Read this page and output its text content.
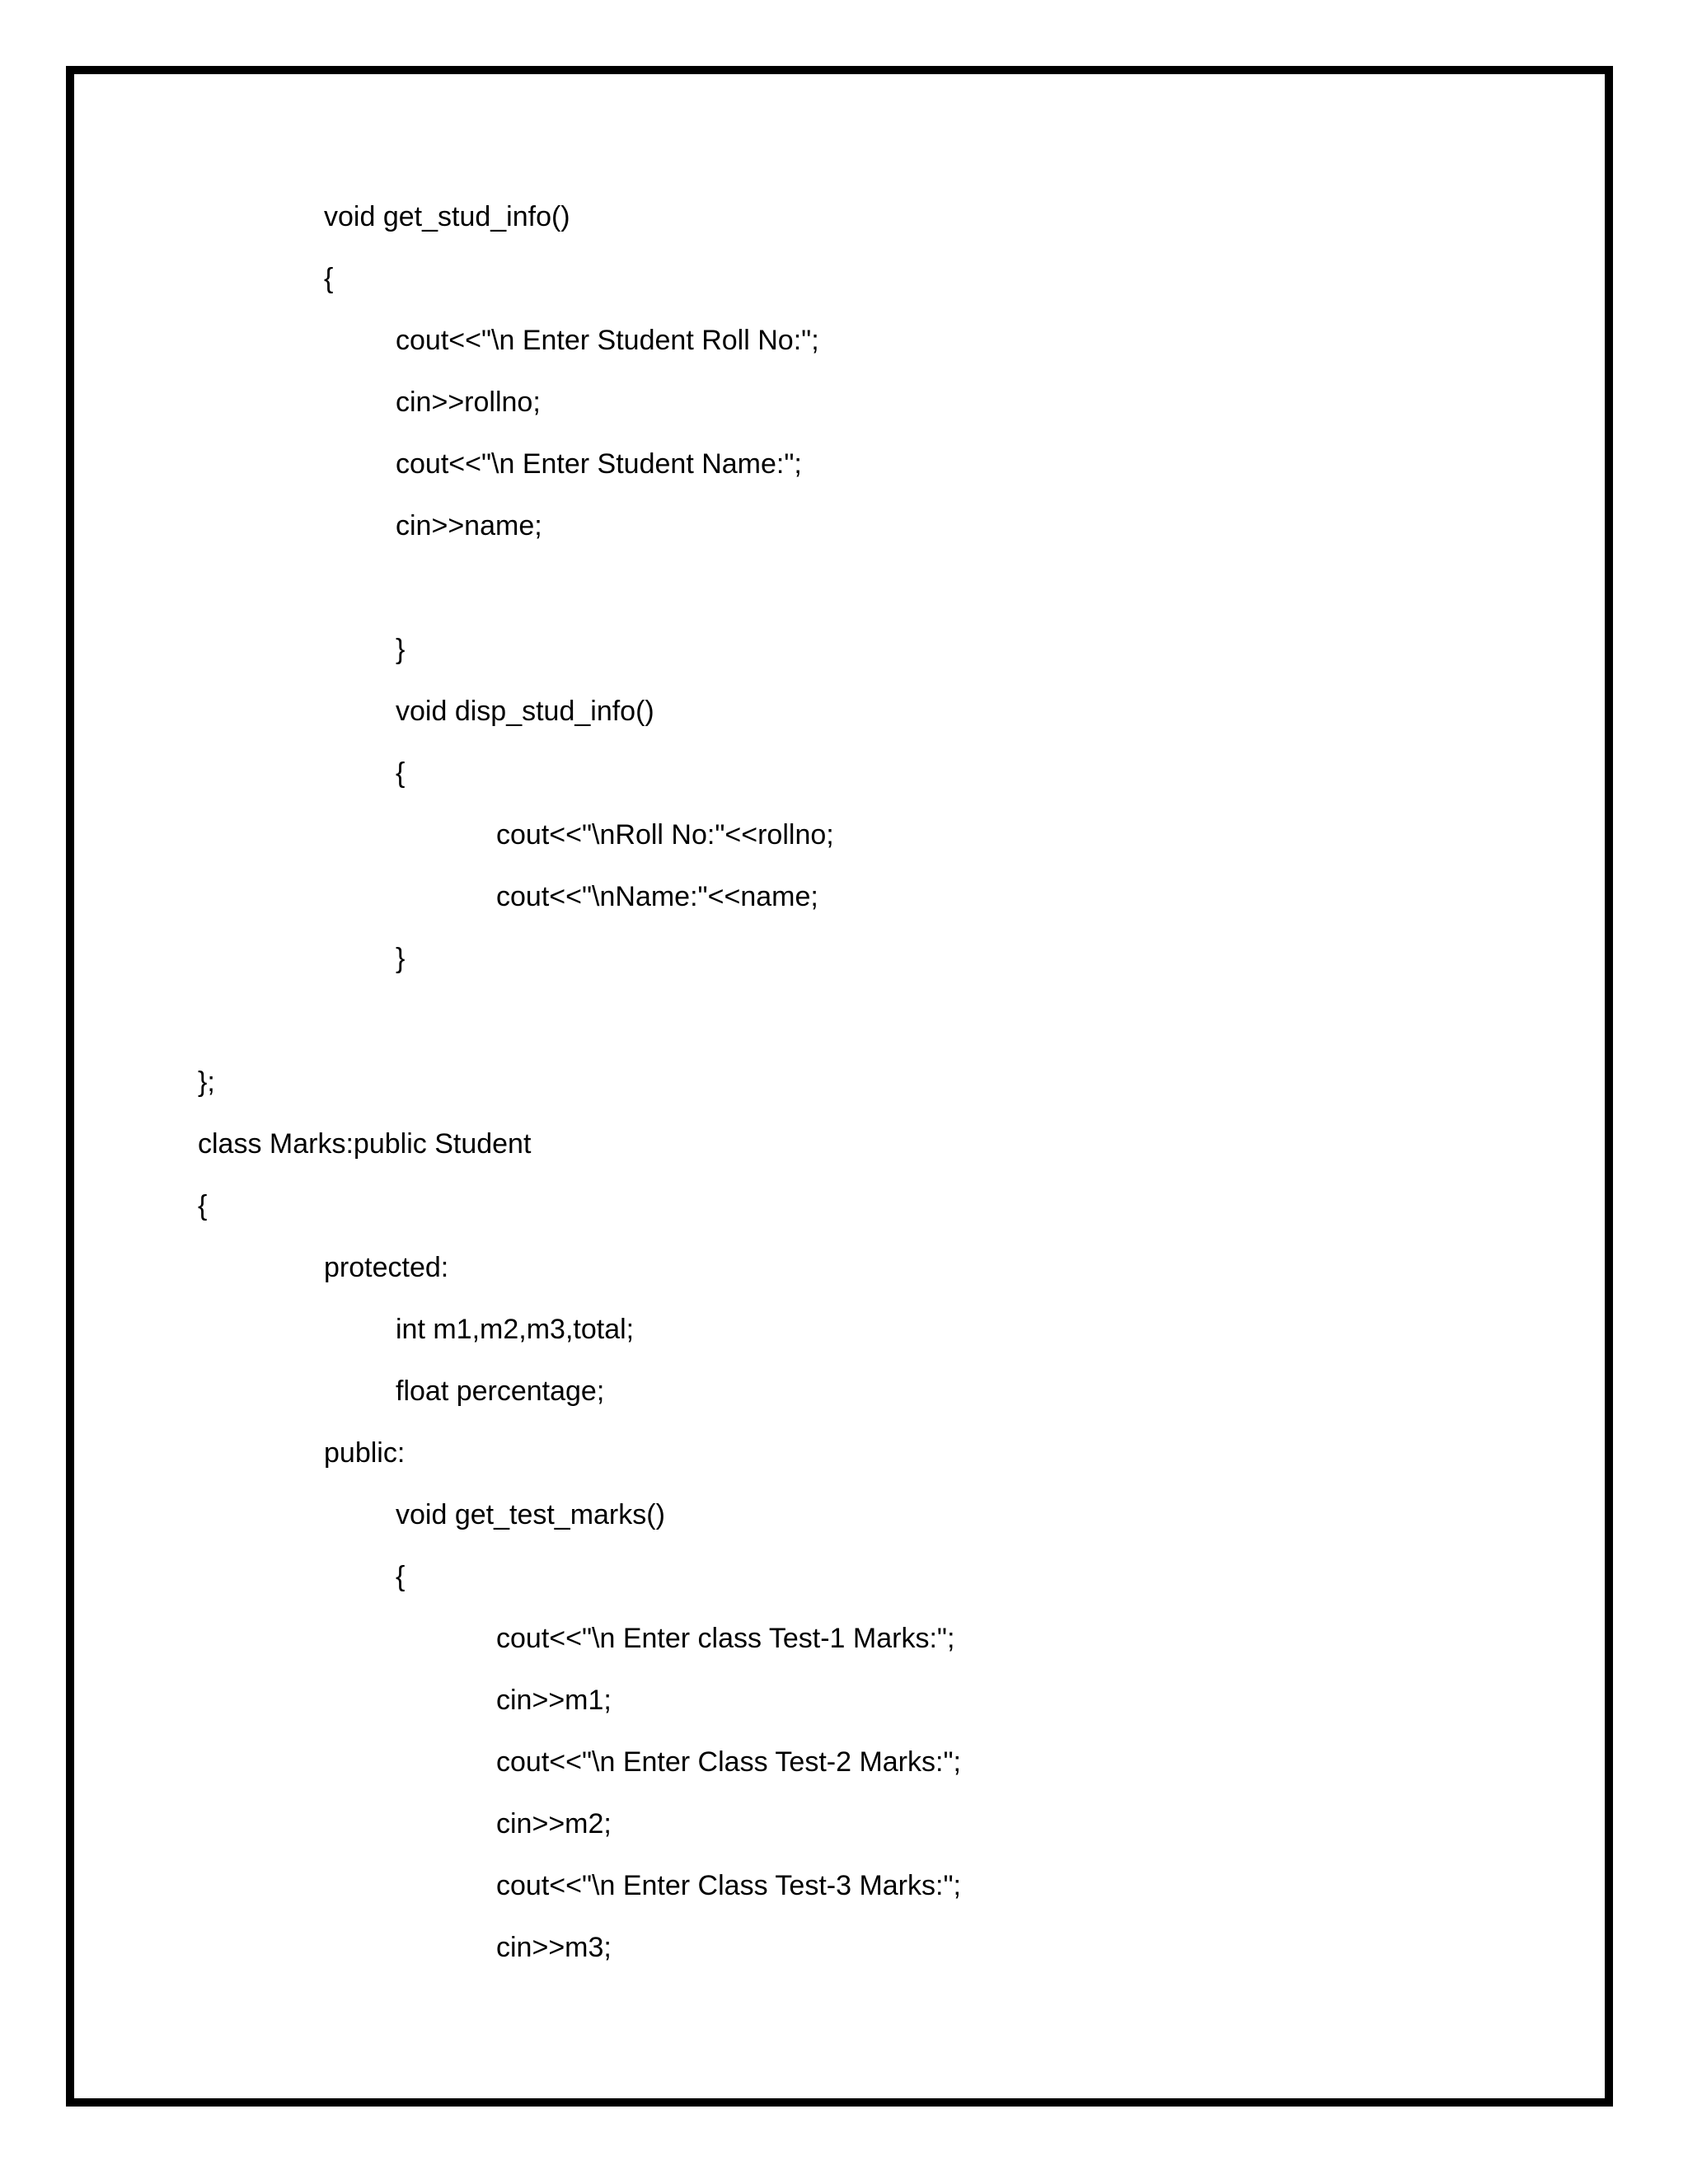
void get_stud_info()
{
cout<<"\n Enter Student Roll No:";
cin>>rollno;
cout<<"\n Enter Student Name:";
cin>>name;
}
void disp_stud_info()
{
cout<<"\nRoll No:"<<rollno;
cout<<"\nName:"<<name;
}
};
class Marks:public Student
{
protected:
int m1,m2,m3,total;
float percentage;
public:
void get_test_marks()
{
cout<<"\n Enter class Test-1 Marks:";
cin>>m1;
cout<<"\n Enter Class Test-2 Marks:";
cin>>m2;
cout<<"\n Enter Class Test-3 Marks:";
cin>>m3;
